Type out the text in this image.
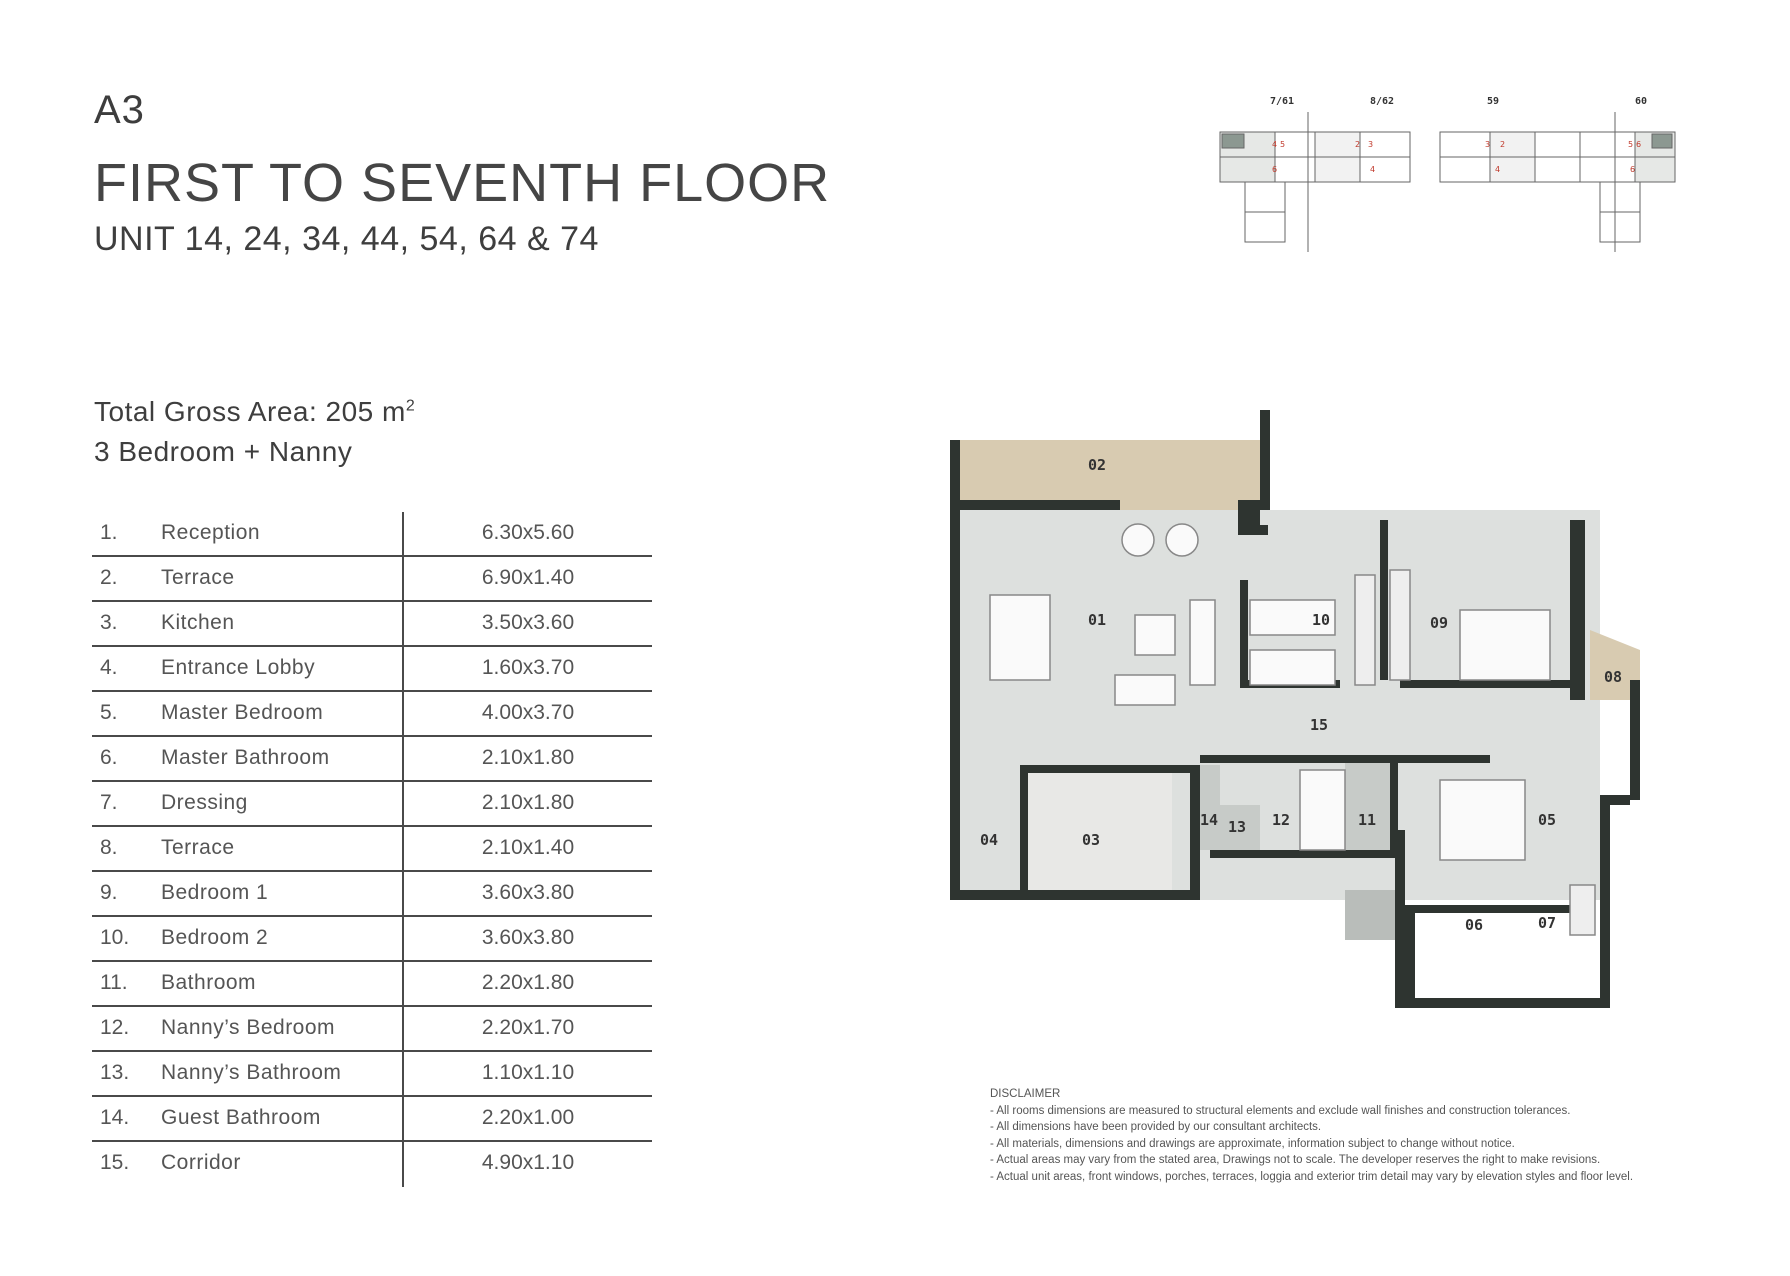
A3
FIRST TO SEVENTH FLOOR
UNIT 14, 24, 34, 44, 54, 64 & 74
Total Gross Area: 205 $m^2$
3 Bedroom + Nanny
1. Reception	6.30x5.60
2. Terrace	6.90x1.40
3. Kitchen	3.50x3.60
4. Entrance Lobby	1.60x3.70
5. Master Bedroom	4.00x3.70
6. Master Bathroom	2.10x1.80
7. Dressing	2.10x1.80
8. Terrace	2.10x1.40
9. Bedroom 1	3.60x3.80
10. Bedroom 2	3.60x3.80
11. Bathroom	2.20x1.80
12. Nanny’s Bedroom	2.20x1.70
13. Nanny’s Bathroom	1.10x1.10
14. Guest Bathroom	2.20x1.00
15. Corridor	4.90x1.10
7/61	8/62	59	60
4 5
6
2 3
4
3 2
4
5 6
6
02
01	10	09
08
15
14 13 12	11	05
04	03
06	07
DISCLAIMER
- All rooms dimensions are measured to structural elements and exclude wall finishes and construction tolerances.
- All dimensions have been provided by our consultant architects.
- All materials, dimensions and drawings are approximate, information subject to change without notice.
- Actual areas may vary from the stated area, Drawings not to scale. The developer reserves the right to make revisions.
- Actual unit areas, front windows, porches, terraces, loggia and exterior trim detail may vary by elevation styles and floor level.
